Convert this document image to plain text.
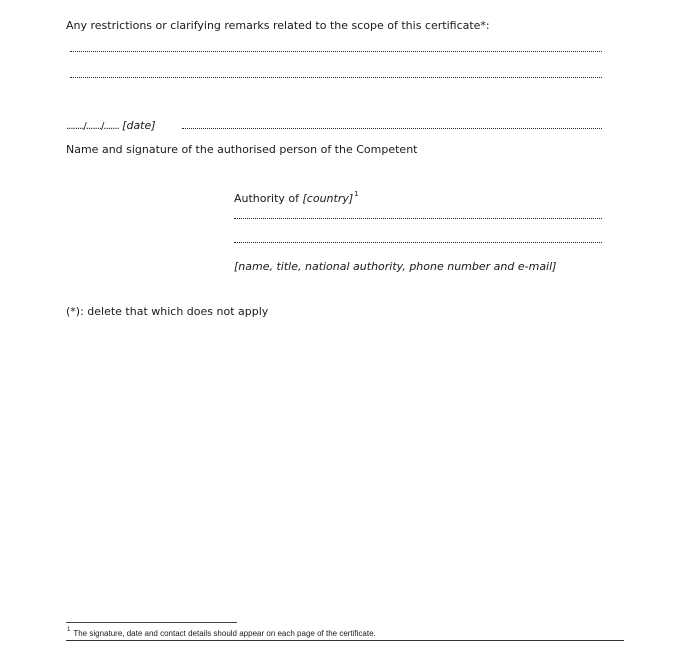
Any restrictions or clarifying remarks related to the scope of this certificate*:
......../......./....... [date]
Name and signature of the authorised person of the Competent
Authority of [country]$^1$
[name, title, national authority, phone number and e-mail]
(*): delete that which does not apply
$^1$ The signature, date and contact details should appear on each page of the certificate.
